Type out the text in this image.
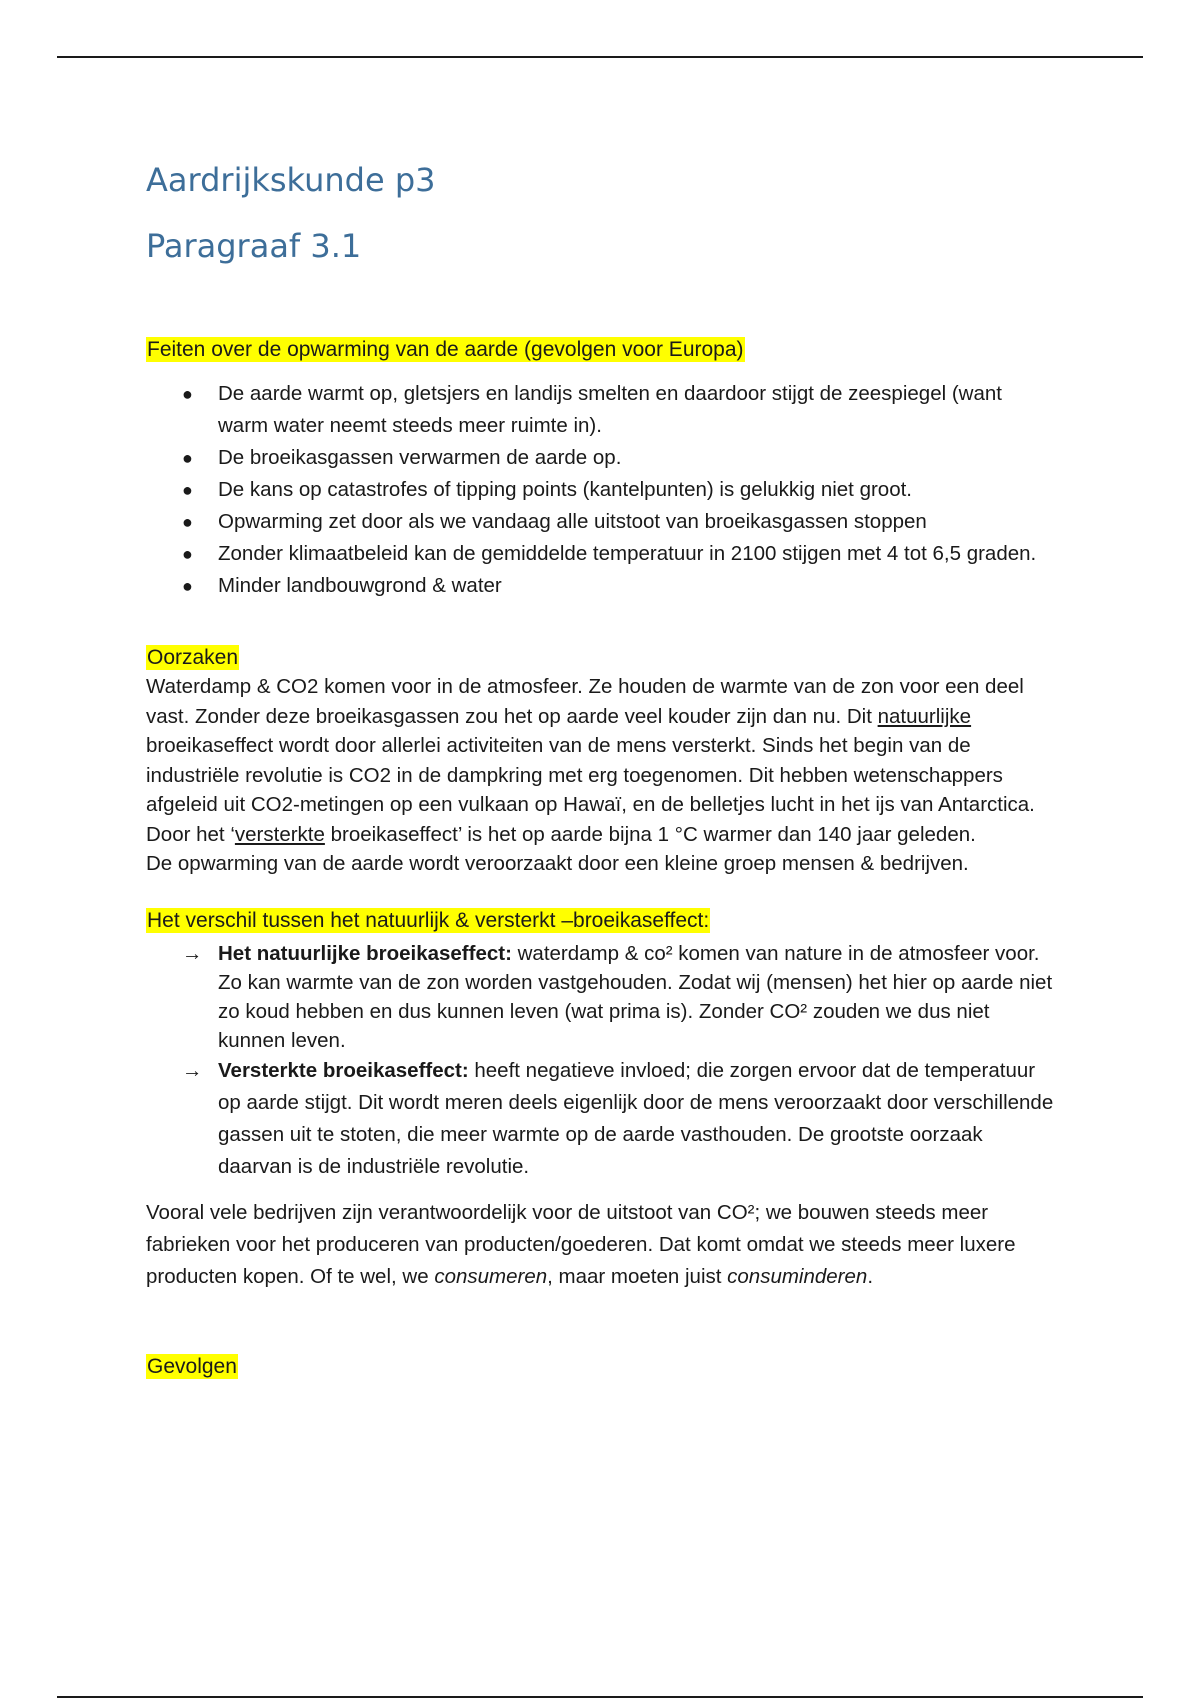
Aardrijkskunde p3
Paragraaf 3.1

Feiten over de opwarming van de aarde (gevolgen voor Europa)

● De aarde warmt op, gletsjers en landijs smelten en daardoor stijgt de zeespiegel (want warm water neemt steeds meer ruimte in).
● De broeikasgassen verwarmen de aarde op.
● De kans op catastrofes of tipping points (kantelpunten) is gelukkig niet groot.
● Opwarming zet door als we vandaag alle uitstoot van broeikasgassen stoppen
● Zonder klimaatbeleid kan de gemiddelde temperatuur in 2100 stijgen met 4 tot 6,5 graden.
● Minder landbouwgrond & water

Oorzaken

Waterdamp & CO2 komen voor in de atmosfeer. Ze houden de warmte van de zon voor een deel vast. Zonder deze broeikasgassen zou het op aarde veel kouder zijn dan nu. Dit natuurlijke broeikaseffect wordt door allerlei activiteiten van de mens versterkt. Sinds het begin van de industriële revolutie is CO2 in de dampkring met erg toegenomen. Dit hebben wetenschappers afgeleid uit CO2-metingen op een vulkaan op Hawaï, en de belletjes lucht in het ijs van Antarctica. Door het ‘versterkte broeikaseffect’ is het op aarde bijna 1 °C warmer dan 140 jaar geleden.

De opwarming van de aarde wordt veroorzaakt door een kleine groep mensen & bedrijven.

Het verschil tussen het natuurlijk & versterkt –broeikaseffect:

→ Het natuurlijke broeikaseffect: waterdamp & co² komen van nature in de atmosfeer voor. Zo kan warmte van de zon worden vastgehouden. Zodat wij (mensen) het hier op aarde niet zo koud hebben en dus kunnen leven (wat prima is). Zonder CO² zouden we dus niet kunnen leven.
→ Versterkte broeikaseffect: heeft negatieve invloed; die zorgen ervoor dat de temperatuur op aarde stijgt. Dit wordt meren deels eigenlijk door de mens veroorzaakt door verschillende gassen uit te stoten, die meer warmte op de aarde vasthouden. De grootste oorzaak daarvan is de industriële revolutie.

Vooral vele bedrijven zijn verantwoordelijk voor de uitstoot van CO²; we bouwen steeds meer fabrieken voor het produceren van producten/goederen. Dat komt omdat we steeds meer luxere producten kopen. Of te wel, we consumeren, maar moeten juist consuminderen.

Gevolgen
